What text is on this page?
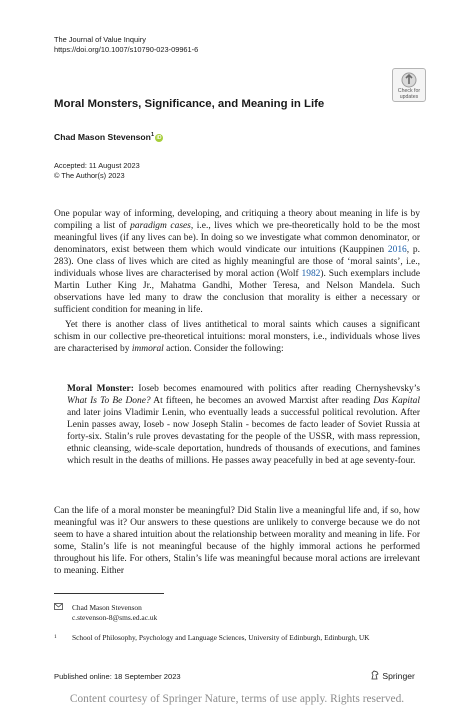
The Journal of Value Inquiry
https://doi.org/10.1007/s10790-023-09961-6
Check for
updates
Moral Monsters, Significance, and Meaning in Life
Chad Mason Stevenson$^1$ iD
Accepted: 11 August 2023
© The Author(s) 2023

One popular way of informing, developing, and critiquing a theory about meaning in life is by compiling a list of paradigm cases, i.e., lives which we pre-theoretically hold to be the most meaningful lives (if any lives can be). In doing so we investigate what common denominator, or denominators, exist between them which would vindicate our intuitions (Kauppinen 2016, p. 283). One class of lives which are cited as highly meaningful are those of ‘moral saints’, i.e., individuals whose lives are characterised by moral action (Wolf 1982). Such exemplars include Martin Luther King Jr., Mahatma Gandhi, Mother Teresa, and Nelson Mandela. Such observations have led many to draw the conclusion that morality is either a necessary or sufficient condition for meaning in life.

Yet there is another class of lives antithetical to moral saints which causes a significant schism in our collective pre-theoretical intuitions: moral monsters, i.e., individuals whose lives are characterised by immoral action. Consider the following:

Moral Monster: Ioseb becomes enamoured with politics after reading Chernyshevsky’s What Is To Be Done? At fifteen, he becomes an avowed Marxist after reading Das Kapital and later joins Vladimir Lenin, who eventually leads a successful political revolution. After Lenin passes away, Ioseb - now Joseph Stalin - becomes de facto leader of Soviet Russia at forty-six. Stalin’s rule proves devastating for the people of the USSR, with mass repression, ethnic cleansing, wide-scale deportation, hundreds of thousands of executions, and famines which result in the deaths of millions. He passes away peacefully in bed at age seventy-four.

Can the life of a moral monster be meaningful? Did Stalin live a meaningful life and, if so, how meaningful was it? Our answers to these questions are unlikely to converge because we do not seem to have a shared intuition about the relationship between morality and meaning in life. For some, Stalin’s life is not meaningful because of the highly immoral actions he performed throughout his life. For others, Stalin’s life was meaningful because moral actions are irrelevant to meaning. Either

Chad Mason Stevenson
c.stevenson-8@sms.ed.ac.uk
1 School of Philosophy, Psychology and Language Sciences, University of Edinburgh, Edinburgh, UK
Published online: 18 September 2023	Springer
Content courtesy of Springer Nature, terms of use apply. Rights reserved.
